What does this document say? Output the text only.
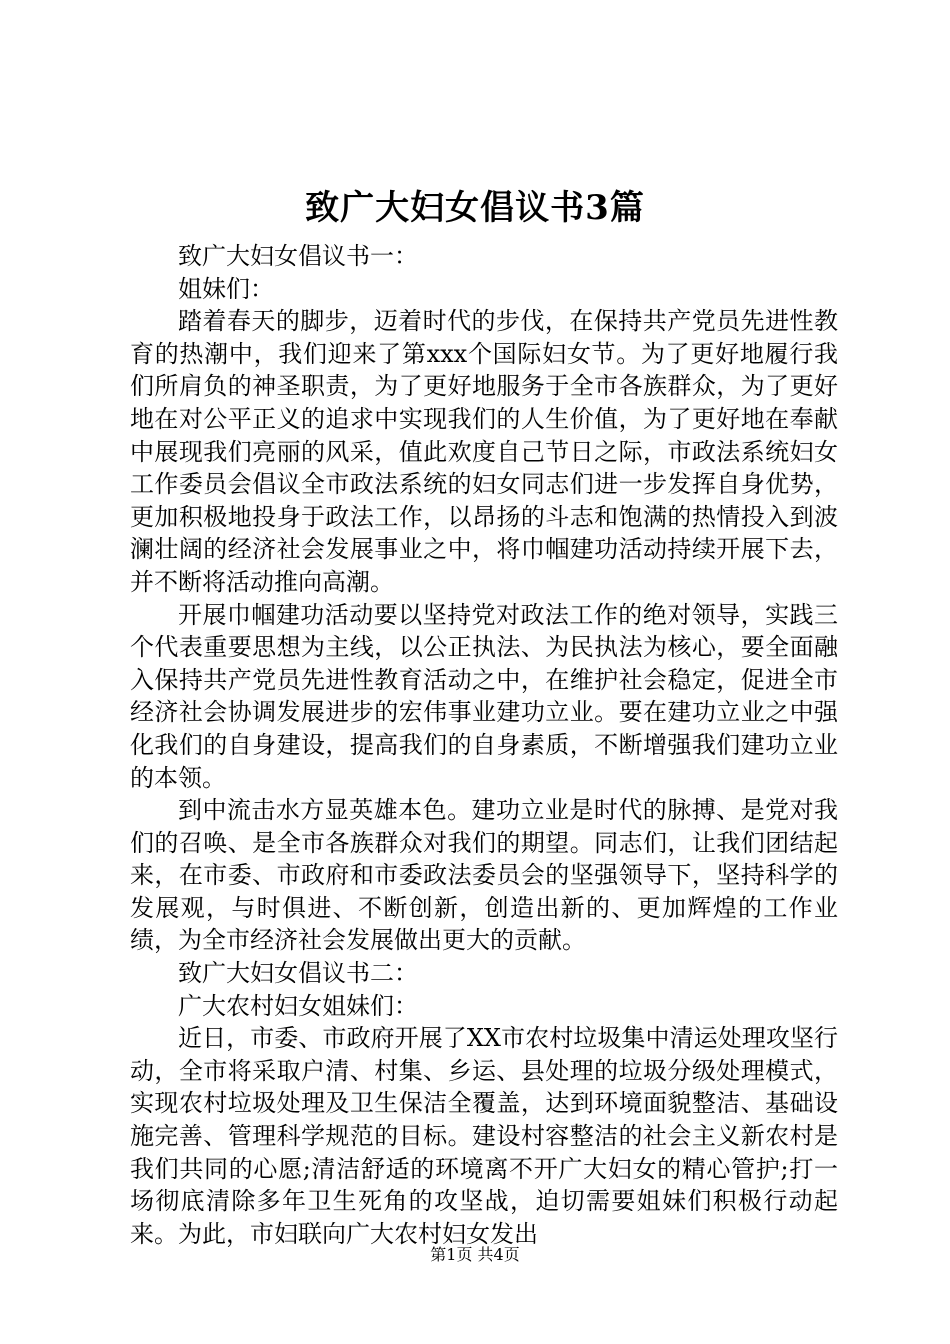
致广大妇女倡议书3篇

致广大妇女倡议书一：

姐妹们：

踏着春天的脚步，迈着时代的步伐，在保持共产党员先进性教育的热潮中，我们迎来了第xxx个国际妇女节。为了更好地履行我们所肩负的神圣职责，为了更好地服务于全市各族群众，为了更好地在对公平正义的追求中实现我们的人生价值，为了更好地在奉献中展现我们亮丽的风采，值此欢度自己节日之际，市政法系统妇女工作委员会倡议全市政法系统的妇女同志们进一步发挥自身优势，更加积极地投身于政法工作，以昂扬的斗志和饱满的热情投入到波澜壮阔的经济社会发展事业之中，将巾帼建功活动持续开展下去，并不断将活动推向高潮。

开展巾帼建功活动要以坚持党对政法工作的绝对领导，实践三个代表重要思想为主线，以公正执法、为民执法为核心，要全面融入保持共产党员先进性教育活动之中，在维护社会稳定，促进全市经济社会协调发展进步的宏伟事业建功立业。要在建功立业之中强化我们的自身建设，提高我们的自身素质，不断增强我们建功立业的本领。

到中流击水方显英雄本色。建功立业是时代的脉搏、是党对我们的召唤、是全市各族群众对我们的期望。同志们，让我们团结起来，在市委、市政府和市委政法委员会的坚强领导下，坚持科学的发展观，与时俱进、不断创新，创造出新的、更加辉煌的工作业绩，为全市经济社会发展做出更大的贡献。

致广大妇女倡议书二：

广大农村妇女姐妹们：

近日，市委、市政府开展了XX市农村垃圾集中清运处理攻坚行动，全市将采取户清、村集、乡运、县处理的垃圾分级处理模式，实现农村垃圾处理及卫生保洁全覆盖，达到环境面貌整洁、基础设施完善、管理科学规范的目标。建设村容整洁的社会主义新农村是我们共同的心愿;清洁舒适的环境离不开广大妇女的精心管护;打一场彻底清除多年卫生死角的攻坚战，迫切需要姐妹们积极行动起来。为此，市妇联向广大农村妇女发出

第1页 共4页
